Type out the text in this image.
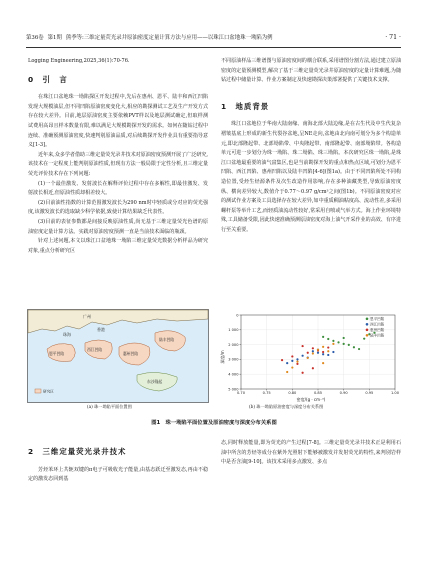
第36卷 第1期 熊季等:三维定量荧光录井原油密度定量计算方法与应用——以珠江口盆地珠一坳陷为例	· 71 ·

Logging Engineering,2025,36(1):70-76.

0　引　言

在珠江口盆地珠一坳陷探区开发过程中,先后在惠州、恩平、陆丰和西江凹陷发现大规模油层,但不同凹陷原油密度变化大,相应的勘探测试工艺及生产开发方式存在较大差异。目前,地层原油密度主要依赖PVT样以及地层测试确定,但取样测试费用高昂且样本数量有限,难以满足大规模勘探开发的需求。如何在随钻过程中连续、准确预测原油密度,快速判别原油品质,对后续勘探开发作业具有重要指导意义[1-3]。

近年来,众多学者借助三维定量荧光录井技术对原油密度预测开展了广泛研究,该技术在一定程度上能判别原油性质,但现有方法一般局限于定性分析,且三维定量荧光评价技术存在下列问题:

(1)一个最佳激发、发射波长在解释评价过程中存在多解性,即最佳激发、发射波长相近,但原油性质却相差较大。

(2)目前油性指数的计算范围激发波长为290 nm时中轻质或分对应的荧光强度,该激发波长的选取缺少科学依据,致使计算结果缺乏代表性。

(3)目前的表征参数都是间接反映原油性质,尚无基于三维定量荧光色谱的原油密度定量计算方法。实践对原油密度预测一直是当前技术面临的瓶颈。

针对上述问题,本文以珠江口盆地珠一坳陷三维定量荧光数据分析样品为研究对象,重点分析研究区

不同原油样品三维谱图与原油密度间的耦合联系,采用谱图分割方法,通过建立原油密度的定量预测模型,解决了基于三维定量荧光录井原油密度的定量计算难题,为随钻过程中储量计算、作业方案制定及快速勘探决策部署提供了关键技术支撑。

1　地质背景

珠江口盆地位于华南大陆南缘、南海北部大陆边缘,是在古生代及中生代复杂褶皱基底上形成的新生代裂谷盆地,呈NE走向,盆地由北向南可划分为多个构造单元,即北部隆起带、北部坳陷带、中央隆起带、南部隆起带、南部坳陷带。各构造单元可进一步划分为珠一坳陷、珠二坳陷、珠三坳陷。本次研究区珠一坳陷,是珠江口盆地最重要的油气富集区,也是当前勘探开发的重点和热点区域,可划分为恩平凹陷、西江凹陷、惠州凹陷以及陆丰凹陷[4-6](图1a)。由于不同凹陷所处不同构造位置,受烃生烃源条件及次生改造作用影响,存在多种油藏类型,导致原油密度纵、横向差异较大,数值介于0.77～0.97 g/cm³之间(图1b)。不同原油密度对应的测试作业方案及工具选择存在较大差异,如中重质稠油粘度高、流动性差,多采用螺杆泵等举升工艺,而轻质油流动性较好,常采用自喷或气举方式。海上作业环境特殊,工具储备受限,因此快速准确预测原油密度对海上油气开采作业的高效、有序进行至关重要。

广州
珠海
香港
恩平凹陷
西江凹陷
惠州凹陷
陆丰凹陷
东沙隆起
研究区
(a) 珠一坳陷平面位置图
0.70	0.75	0.80	0.85	0.90	0.95	1.00
0
1 000
2 000
3 000
4 000
5 000
恩平凹陷
西江凹陷
惠州凹陷
陆丰凹陷
密度/(g · cm⁻³)
深度/m
(b) 珠一坳陷原油密度与深度分布关系图
图1　珠一坳陷平面位置及原油密度与深度分布关系图
2　三维定量荧光录井技术

芳烃苯环上共轭双键的π电子可吸收光子能量,由基态跃迁至激发态,再由不稳定的激发态回到基

态,同时释放能量,即为荧光的产生过程[7-8]。三维定量荧光录井技术正是利用石油中所含的芳烃等成分在紫外光照射下能够被激发并发射荧光的特性,来判别岩样中是否含油[9-10]。该技术采用多点激发、多点
